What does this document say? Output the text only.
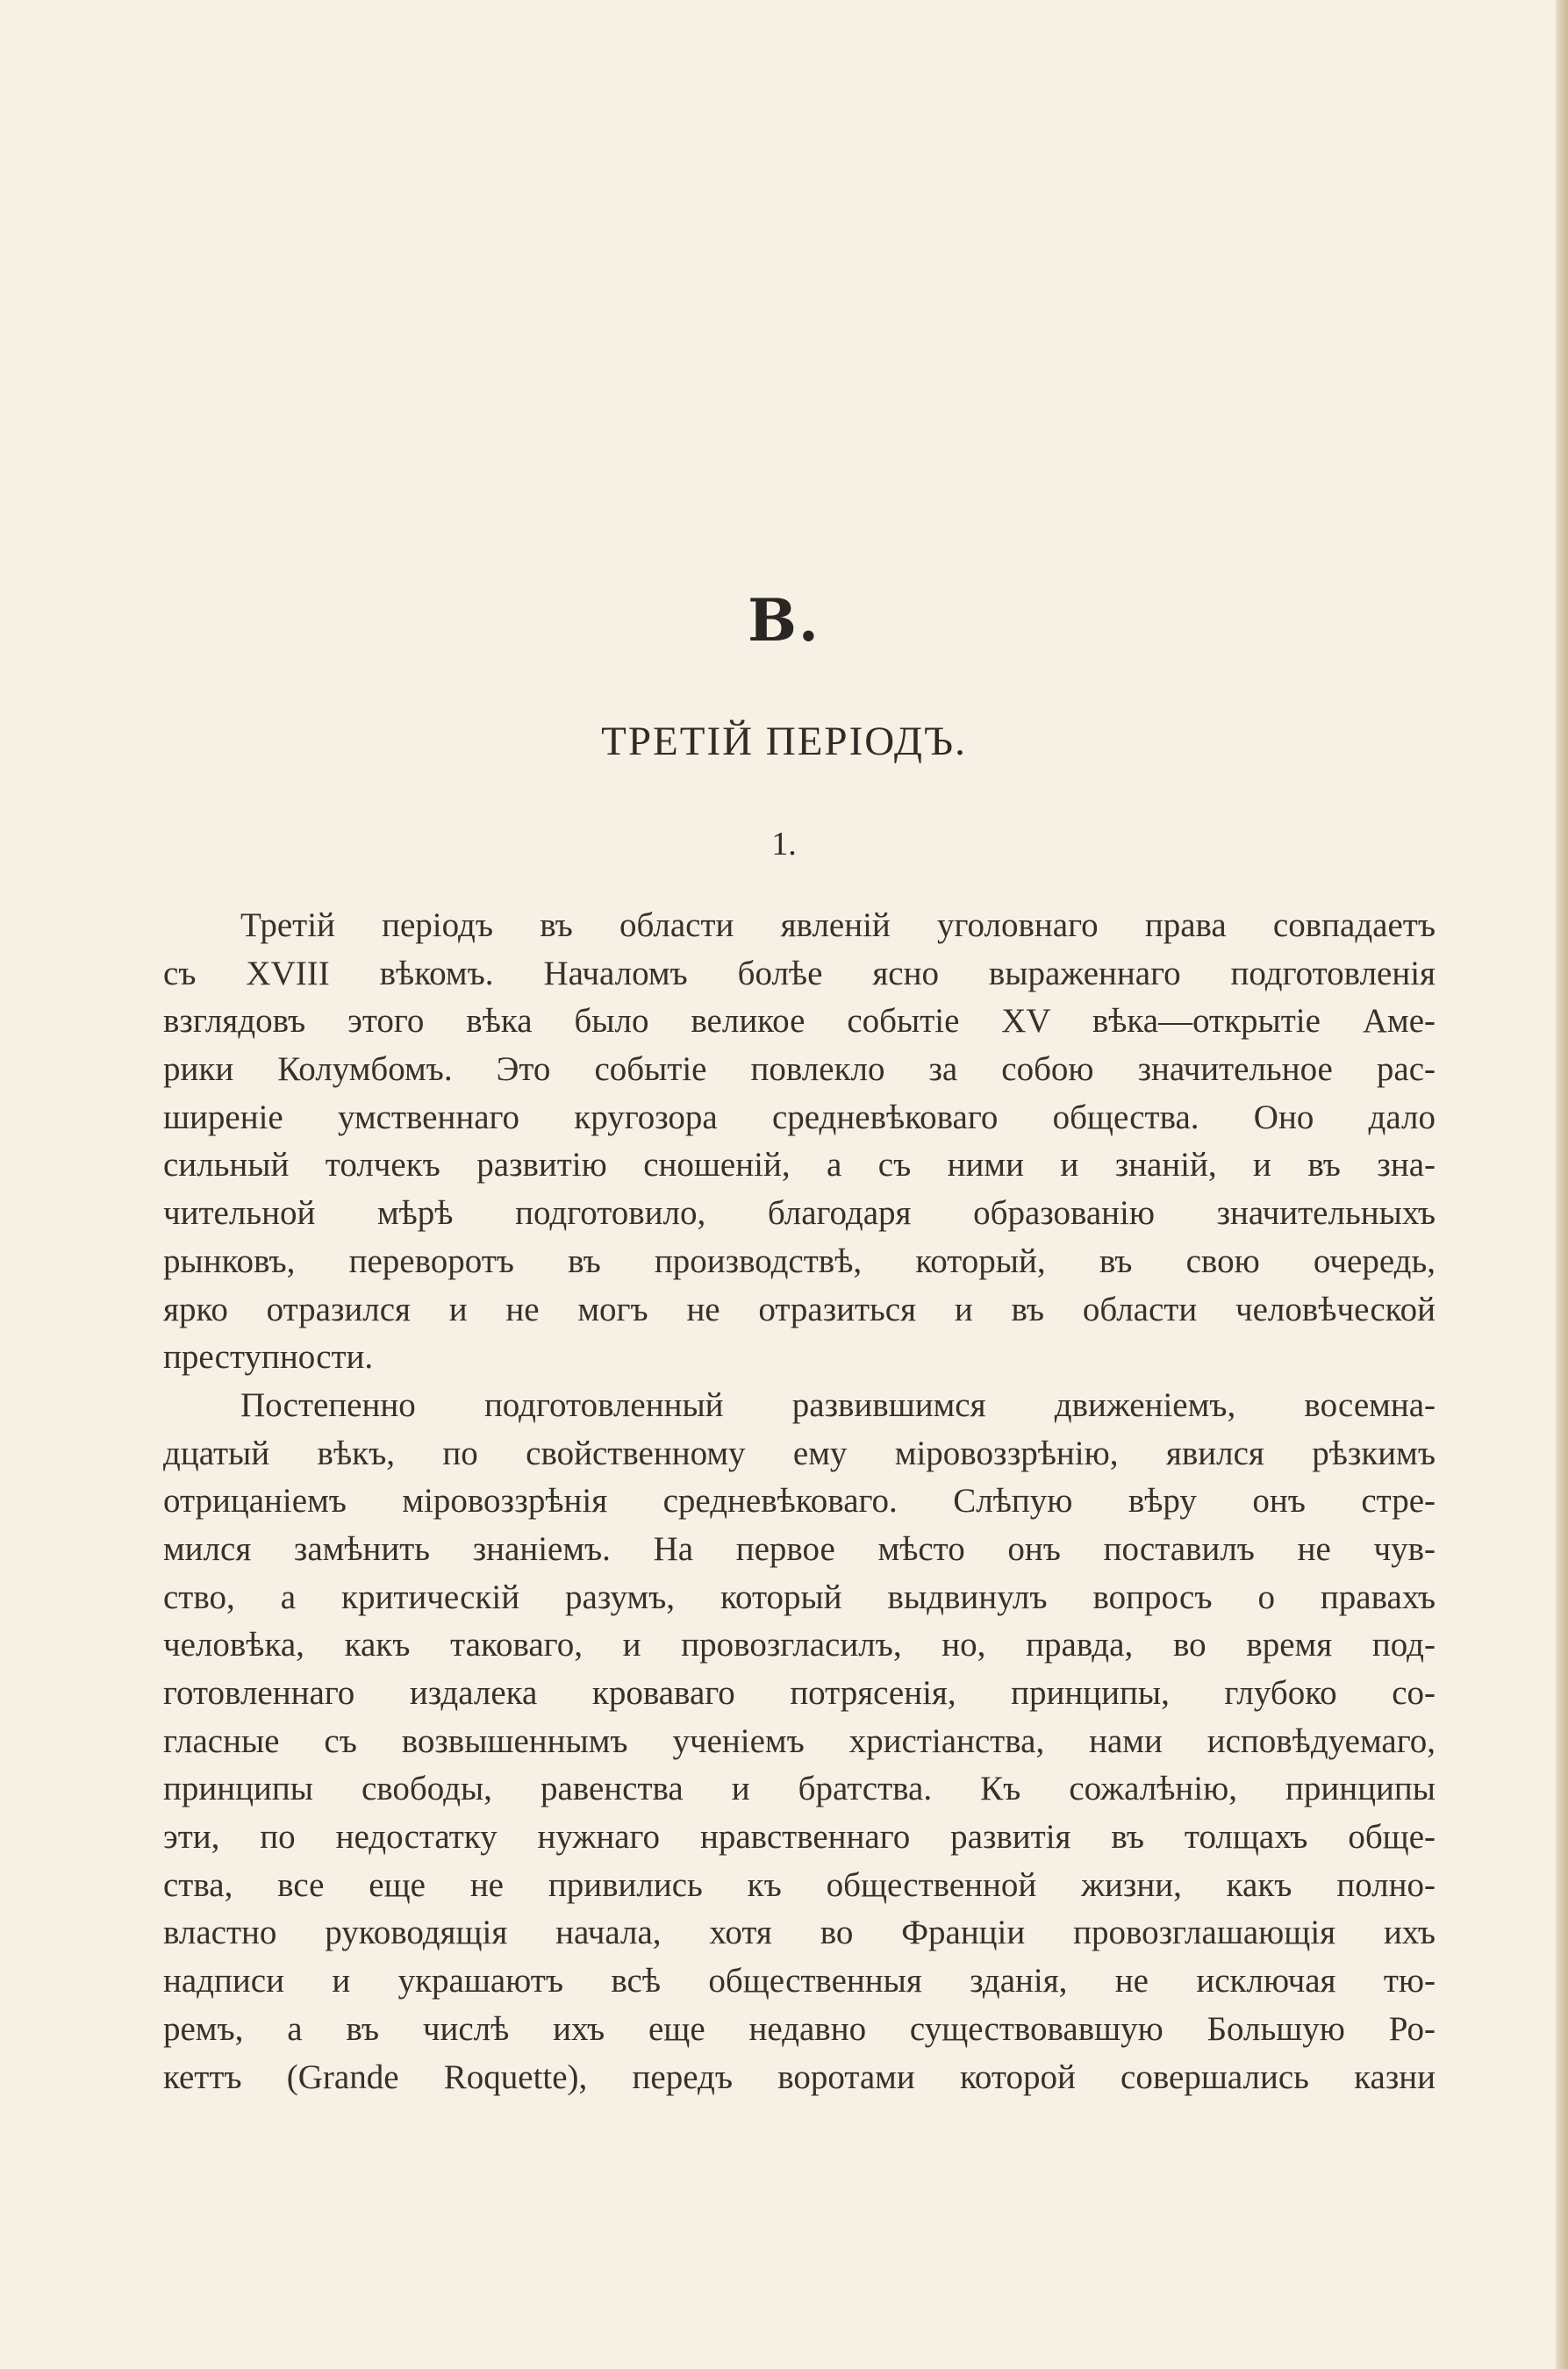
В.
ТРЕТІЙ ПЕРІОДЪ.
1.
Третій періодъ въ области явленій уголовнаго права совпадаетъ
съ XVIII вѣкомъ. Началомъ болѣе ясно выраженнаго подготовленія
взглядовъ этого вѣка было великое событіе XV вѣка—открытіе Аме-
рики Колумбомъ. Это событіе повлекло за собою значительное рас-
ширеніе умственнаго кругозора средневѣковаго общества. Оно дало
сильный толчекъ развитію сношеній, а съ ними и знаній, и въ зна-
чительной мѣрѣ подготовило, благодаря образованію значительныхъ
рынковъ, переворотъ въ производствѣ, который, въ свою очередь,
ярко отразился и не могъ не отразиться и въ области человѣческой
преступности.
Постепенно подготовленный развившимся движеніемъ, восемна-
дцатый вѣкъ, по свойственному ему міровоззрѣнію, явился рѣзкимъ
отрицаніемъ міровоззрѣнія средневѣковаго. Слѣпую вѣру онъ стре-
мился замѣнить знаніемъ. На первое мѣсто онъ поставилъ не чув-
ство, а критическій разумъ, который выдвинулъ вопросъ о правахъ
человѣка, какъ таковаго, и провозгласилъ, но, правда, во время под-
готовленнаго издалека кроваваго потрясенія, принципы, глубоко со-
гласные съ возвышеннымъ ученіемъ христіанства, нами исповѣдуемаго,
принципы свободы, равенства и братства. Къ сожалѣнію, принципы
эти, по недостатку нужнаго нравственнаго развитія въ толщахъ обще-
ства, все еще не привились къ общественной жизни, какъ полно-
властно руководящія начала, хотя во Франціи провозглашающія ихъ
надписи и украшаютъ всѣ общественныя зданія, не исключая тю-
ремъ, а въ числѣ ихъ еще недавно существовавшую Большую Ро-
кеттъ (Grande Roquette), передъ воротами которой совершались казни
